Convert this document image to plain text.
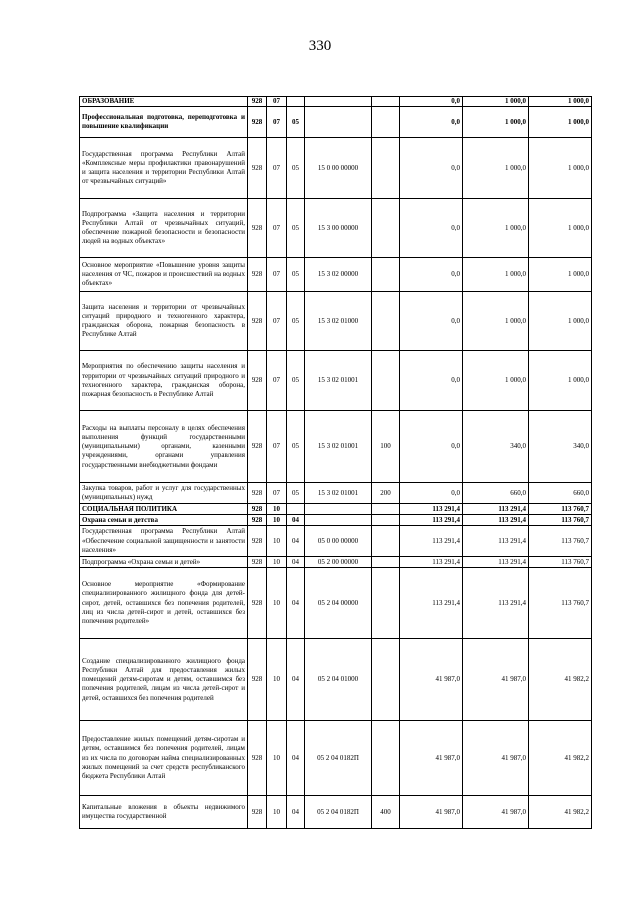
330
ОБРАЗОВАНИЕ	928	07				0,0	1 000,0	1 000,0
Профессиональная подготовка, переподготовка и повышение квалификации	928	07	05			0,0	1 000,0	1 000,0
Государственная программа Республики Алтай «Комплексные меры профилактики правонарушений и защита населения и территории Республики Алтай от чрезвычайных ситуаций»	928	07	05	15 0 00 00000		0,0	1 000,0	1 000,0
Подпрограмма «Защита населения и территории Республики Алтай от чрезвычайных ситуаций, обеспечение пожарной безопасности и безопасности людей на водных объектах»	928	07	05	15 3 00 00000		0,0	1 000,0	1 000,0
Основное мероприятие «Повышение уровня защиты населения от ЧС, пожаров и происшествий на водных объектах»	928	07	05	15 3 02 00000		0,0	1 000,0	1 000,0
Защита населения и территории от чрезвычайных ситуаций природного и техногенного характера, гражданская оборона, пожарная безопасность в Республике Алтай	928	07	05	15 3 02 01000		0,0	1 000,0	1 000,0
Мероприятия по обеспечению защиты населения и территории от чрезвычайных ситуаций природного и техногенного характера, гражданская оборона, пожарная безопасность в Республике Алтай	928	07	05	15 3 02 01001		0,0	1 000,0	1 000,0
Расходы на выплаты персоналу в целях обеспечения выполнения функций государственными (муниципальными) органами, казенными учреждениями, органами управления государственными внебюджетными фондами	928	07	05	15 3 02 01001	100	0,0	340,0	340,0
Закупка товаров, работ и услуг для государственных (муниципальных) нужд	928	07	05	15 3 02 01001	200	0,0	660,0	660,0
СОЦИАЛЬНАЯ ПОЛИТИКА	928	10				113 291,4	113 291,4	113 760,7
Охрана семьи и детства	928	10	04			113 291,4	113 291,4	113 760,7
Государственная программа Республики Алтай «Обеспечение социальной защищенности и занятости населения»	928	10	04	05 0 00 00000		113 291,4	113 291,4	113 760,7
Подпрограмма «Охрана семьи и детей»	928	10	04	05 2 00 00000		113 291,4	113 291,4	113 760,7
Основное мероприятие «Формирование специализированного жилищного фонда для детей-сирот, детей, оставшихся без попечения родителей, лиц из числа детей-сирот и детей, оставшихся без попечения родителей»	928	10	04	05 2 04 00000		113 291,4	113 291,4	113 760,7
Создание специализированного жилищного фонда Республики Алтай для предоставления жилых помещений детям-сиротам и детям, оставшимся без попечения родителей, лицам из числа детей-сирот и детей, оставшихся без попечения родителей	928	10	04	05 2 04 01000		41 987,0	41 987,0	41 982,2
Предоставление жилых помещений детям-сиротам и детям, оставшимся без попечения родителей, лицам из их числа по договорам найма специализированных жилых помещений за счет средств республиканского бюджета Республики Алтай	928	10	04	05 2 04 0182П		41 987,0	41 987,0	41 982,2
Капитальные вложения в объекты недвижимого имущества государственной	928	10	04	05 2 04 0182П	400	41 987,0	41 987,0	41 982,2
